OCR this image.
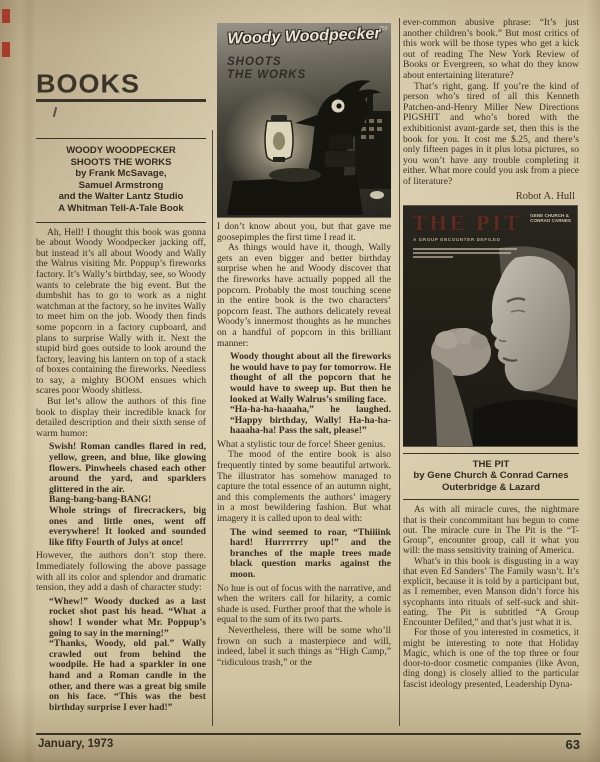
BOOKS
WOODY WOODPECKER
SHOOTS THE WORKS
by Frank McSavage,
Samuel Armstrong
and the Walter Lantz Studio
A Whitman Tell-A-Tale Book

Ah, Hell! I thought this book was gonna be about Woody Woodpecker jacking off, but instead it’s all about Woody and Wally the Walrus visiting Mr. Poppup’s fireworks factory. It’s Wally’s birthday, see, so Woody wants to celebrate the big event. But the dumbshit has to go to work as a night watchman at the factory, so he invites Wally to meet him on the job. Woody then finds some popcorn in a factory cupboard, and plans to surprise Wally with it. Next the stupid bird goes outside to look around the factory, leaving his lantern on top of a stack of boxes containing the fireworks. Needless to say, a mighty BOOM ensues which scares poor Woody shitless.

But let’s allow the authors of this fine book to display their incredible knack for detailed description and their sixth sense of warm humor:

Swish! Roman candles flared in red, yellow, green, and blue, like glowing flowers. Pinwheels chased each other around the yard, and sparklers glittered in the air.

Bang-bang-bang-BANG!

Whole strings of firecrackers, big ones and little ones, went off everywhere! It looked and sounded like fifty Fourth of Julys at once!

However, the authors don’t stop there. Immediately following the above passage with all its color and splendor and dramatic tension, they add a dash of character study:

“Whew!” Woody ducked as a last rocket shot past his head. “What a show! I wonder what Mr. Poppup’s going to say in the morning!”

“Thanks, Woody, old pal.” Wally crawled out from behind the woodpile. He had a sparkler in one hand and a Roman candle in the other, and there was a great big smile on his face. “This was the best birthday surprise I ever had!”

Woody Woodpecker
25¢
SHOOTS
THE WORKS

I don’t know about you, but that gave me goosepimples the first time I read it.

As things would have it, though, Wally gets an even bigger and better birthday surprise when he and Woody discover that the fireworks have actually popped all the popcorn. Probably the most touching scene in the entire book is the two characters’ popcorn feast. The authors delicately reveal Woody’s innermost thoughts as he munches on a handful of popcorn in this brilliant manner:

Woody thought about all the fireworks he would have to pay for tomorrow. He thought of all the popcorn that he would have to sweep up. But then he looked at Wally Walrus’s smiling face.

“Ha-ha-ha-haaaha,” he laughed. “Happy birthday, Wally! Ha-ha-ha-haaaha-ha! Pass the salt, please!”

What a stylistic tour de force! Sheer genius.

The mood of the entire book is also frequently tinted by some beautiful artwork. The illustrator has somehow managed to capture the total essence of an autumn night, and this complements the authors’ imagery in a most bewildering fashion. But what imagery it is called upon to deal with:

The wind seemed to roar, “Thiiiink hard! Hurrrrrry up!” and the branches of the maple trees made black question marks against the moon.

No hue is out of focus with the narrative, and when the writers call for hilarity, a comic shade is used. Further proof that the whole is equal to the sum of its two parts.

Nevertheless, there will be some who’ll frown on such a masterpiece and will, indeed, label it such things as “High Camp,” “ridiculous trash,” or the

ever-common abusive phrase: “It’s just another children’s book.” But most critics of this work will be those types who get a kick out of reading The New York Review of Books or Evergreen, so what do they know about entertaining literature?

That’s right, gang. If you’re the kind of person who’s tired of all this Kenneth Patchen-and-Henry Miller New Directions PIGSHIT and who’s bored with the exhibitionist avant-garde set, then this is the book for you. It cost me $.25, and there’s only fifteen pages in it plus lotsa pictures, so you won’t have any trouble completing it either. What more could you ask from a piece of literature?

Robot A. Hull
THE PIT GENE CHURCH &
CONRAD CARNES
A GROUP ENCOUNTER DEFILED
THE PIT
by Gene Church & Conrad Carnes
Outerbridge & Lazard

As with all miracle cures, the nightmare that is their concommitant has begun to come out. The miracle cure in The Pit is the “T-Group”, encounter group, call it what you will: the mass sensitivity training of America.

What’s in this book is disgusting in a way that even Ed Sanders’ The Family wasn’t. It’s explicit, because it is told by a participant but, as I remember, even Manson didn’t force his sycophants into rituals of self-suck and shit-eating. The Pit is subtitled “A Group Encounter Defiled,” and that’s just what it is.

For those of you interested in cosmetics, it might be interesting to note that Holiday Magic, which is one of the top three or four door-to-door cosmetic companies (like Avon, ding dong) is closely allied to the particular fascist ideology presented, Leadership Dyna-

January, 1973	63
